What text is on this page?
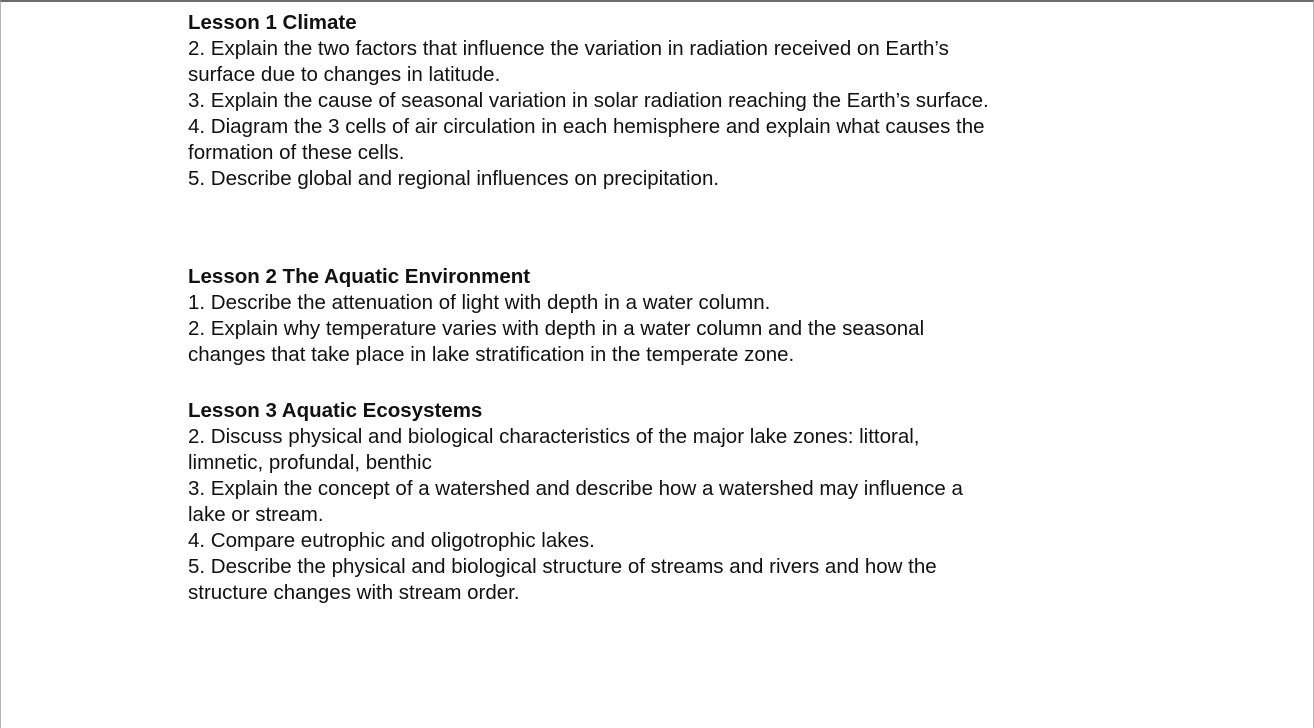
Lesson 1 Climate

2. Explain the two factors that influence the variation in radiation received on Earth’s
surface due to changes in latitude.

3. Explain the cause of seasonal variation in solar radiation reaching the Earth’s surface.

4. Diagram the 3 cells of air circulation in each hemisphere and explain what causes the
formation of these cells.

5. Describe global and regional influences on precipitation.

Lesson 2 The Aquatic Environment

1. Describe the attenuation of light with depth in a water column.

2. Explain why temperature varies with depth in a water column and the seasonal
changes that take place in lake stratification in the temperate zone.

Lesson 3 Aquatic Ecosystems

2. Discuss physical and biological characteristics of the major lake zones: littoral,
limnetic, profundal, benthic

3. Explain the concept of a watershed and describe how a watershed may influence a
lake or stream.

4. Compare eutrophic and oligotrophic lakes.

5. Describe the physical and biological structure of streams and rivers and how the
structure changes with stream order.
